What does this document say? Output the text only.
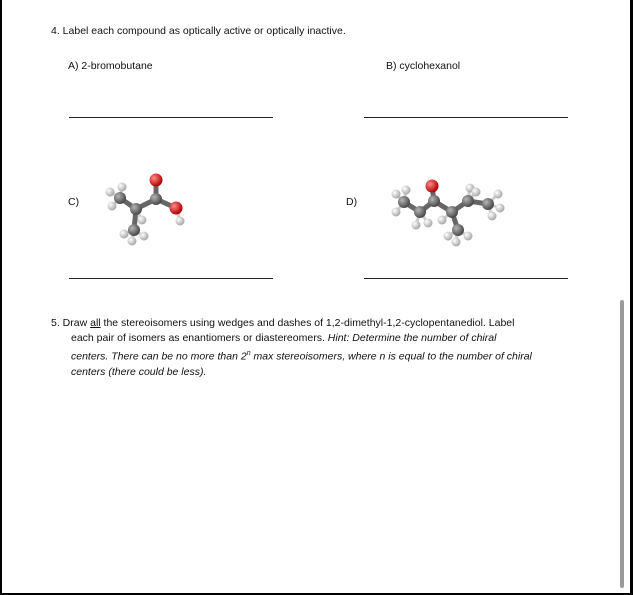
4. Label each compound as optically active or optically inactive.
A) 2-bromobutane	B) cyclohexanol
C)	D)
5. Draw all the stereoisomers using wedges and dashes of 1,2-dimethyl-1,2-cyclopentanediol. Label
each pair of isomers as enantiomers or diastereomers. Hint: Determine the number of chiral
centers. There can be no more than 2$^n$ max stereoisomers, where n is equal to the number of chiral
centers (there could be less).
